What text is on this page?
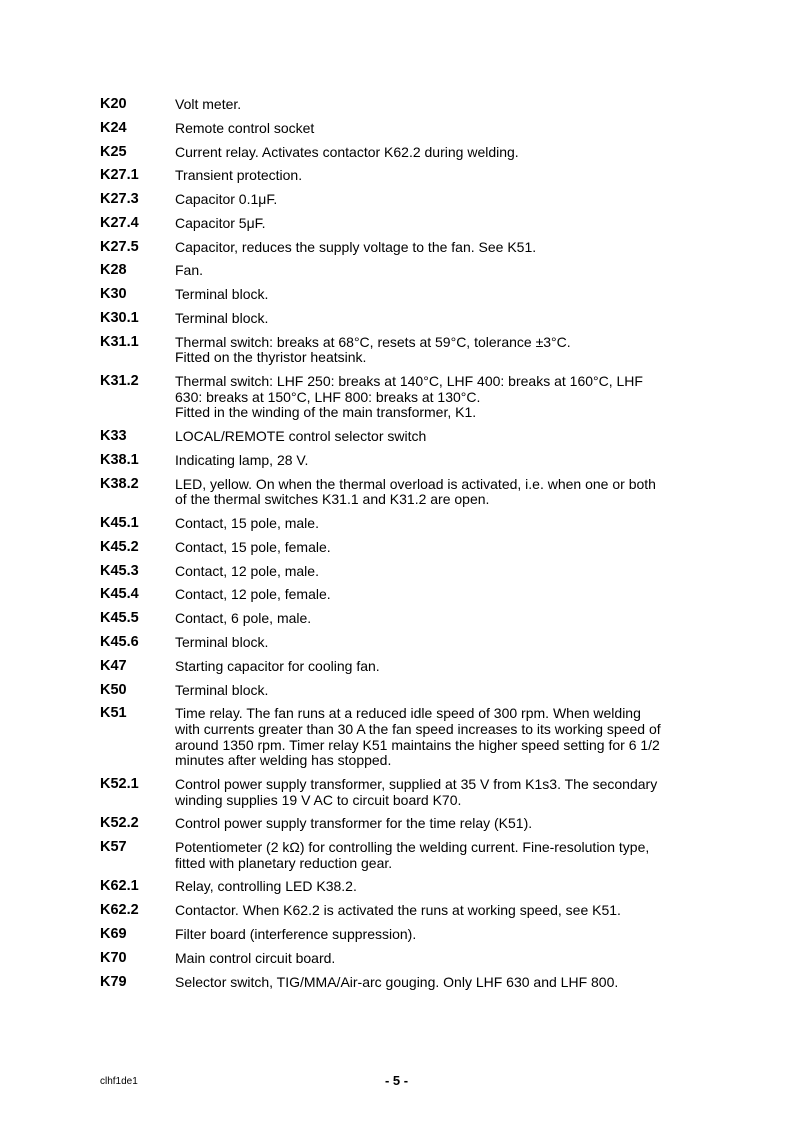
K20	Volt meter.
K24	Remote control socket
K25	Current relay. Activates contactor K62.2 during welding.
K27.1	Transient protection.
K27.3	Capacitor 0.1μF.
K27.4	Capacitor 5μF.
K27.5	Capacitor, reduces the supply voltage to the fan. See K51.
K28	Fan.
K30	Terminal block.
K30.1	Terminal block.
K31.1	Thermal switch: breaks at 68°C, resets at 59°C, tolerance ±3°C.
Fitted on the thyristor heatsink.
K31.2	Thermal switch: LHF 250: breaks at 140°C, LHF 400: breaks at 160°C, LHF
630: breaks at 150°C, LHF 800: breaks at 130°C.
Fitted in the winding of the main transformer, K1.
K33	LOCAL/REMOTE control selector switch
K38.1	Indicating lamp, 28 V.
K38.2	LED, yellow. On when the thermal overload is activated, i.e. when one or both
of the thermal switches K31.1 and K31.2 are open.
K45.1	Contact, 15 pole, male.
K45.2	Contact, 15 pole, female.
K45.3	Contact, 12 pole, male.
K45.4	Contact, 12 pole, female.
K45.5	Contact, 6 pole, male.
K45.6	Terminal block.
K47	Starting capacitor for cooling fan.
K50	Terminal block.
K51	Time relay. The fan runs at a reduced idle speed of 300 rpm. When welding
with currents greater than 30 A the fan speed increases to its working speed of
around 1350 rpm. Timer relay K51 maintains the higher speed setting for 6 1/2
minutes after welding has stopped.
K52.1	Control power supply transformer, supplied at 35 V from K1s3. The secondary
winding supplies 19 V AC to circuit board K70.
K52.2	Control power supply transformer for the time relay (K51).
K57	Potentiometer (2 kΩ) for controlling the welding current. Fine-resolution type,
fitted with planetary reduction gear.
K62.1	Relay, controlling LED K38.2.
K62.2	Contactor. When K62.2 is activated the runs at working speed, see K51.
K69	Filter board (interference suppression).
K70	Main control circuit board.
K79	Selector switch, TIG/MMA/Air-arc gouging. Only LHF 630 and LHF 800.
clhf1de1	- 5 -
